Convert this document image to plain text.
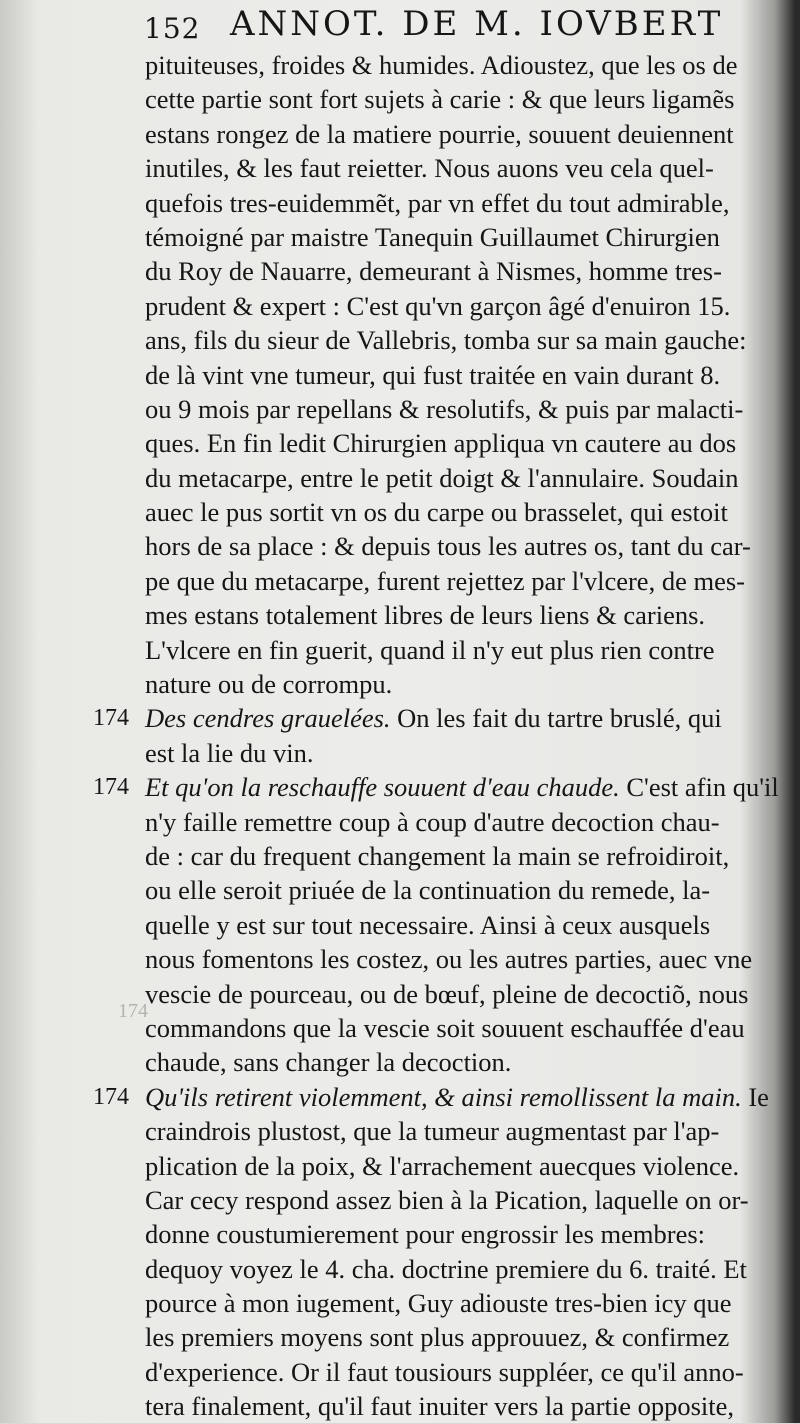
152 ANNOT. DE M. IOVBERT
174
pituiteuses, froides & humides. Adioustez, que les os de
cette partie sont fort sujets à carie : & que leurs ligamẽs
estans rongez de la matiere pourrie, souuent deuiennent
inutiles, & les faut reietter. Nous auons veu cela quel-
quefois tres-euidemmẽt, par vn effet du tout admirable,
témoigné par maistre Tanequin Guillaumet Chirurgien
du Roy de Nauarre, demeurant à Nismes, homme tres-
prudent & expert : C'est qu'vn garçon âgé d'enuiron 15.
ans, fils du sieur de Vallebris, tomba sur sa main gauche:
de là vint vne tumeur, qui fust traitée en vain durant 8.
ou 9 mois par repellans & resolutifs, & puis par malacti-
ques. En fin ledit Chirurgien appliqua vn cautere au dos
du metacarpe, entre le petit doigt & l'annulaire. Soudain
auec le pus sortit vn os du carpe ou brasselet, qui estoit
hors de sa place : & depuis tous les autres os, tant du car-
pe que du metacarpe, furent rejettez par l'vlcere, de mes-
mes estans totalement libres de leurs liens & cariens.
L'vlcere en fin guerit, quand il n'y eut plus rien contre
nature ou de corrompu.
174 Des cendres grauelées. On les fait du tartre bruslé, qui
est la lie du vin.
174 Et qu'on la reschauffe souuent d'eau chaude. C'est afin qu'il
n'y faille remettre coup à coup d'autre decoction chau-
de : car du frequent changement la main se refroidiroit,
ou elle seroit priuée de la continuation du remede, la-
quelle y est sur tout necessaire. Ainsi à ceux ausquels
nous fomentons les costez, ou les autres parties, auec vne
vescie de pourceau, ou de bœuf, pleine de decoctiõ, nous
commandons que la vescie soit souuent eschauffée d'eau
chaude, sans changer la decoction.
174 Qu'ils retirent violemment, & ainsi remollissent la main. Ie
craindrois plustost, que la tumeur augmentast par l'ap-
plication de la poix, & l'arrachement auecques violence.
Car cecy respond assez bien à la Pication, laquelle on or-
donne coustumierement pour engrossir les membres:
dequoy voyez le 4. cha. doctrine premiere du 6. traité. Et
pource à mon iugement, Guy adiouste tres-bien icy que
les premiers moyens sont plus approuuez, & confirmez
d'experience. Or il faut tousiours suppléer, ce qu'il anno-
tera finalement, qu'il faut inuiter vers la partie opposite,
